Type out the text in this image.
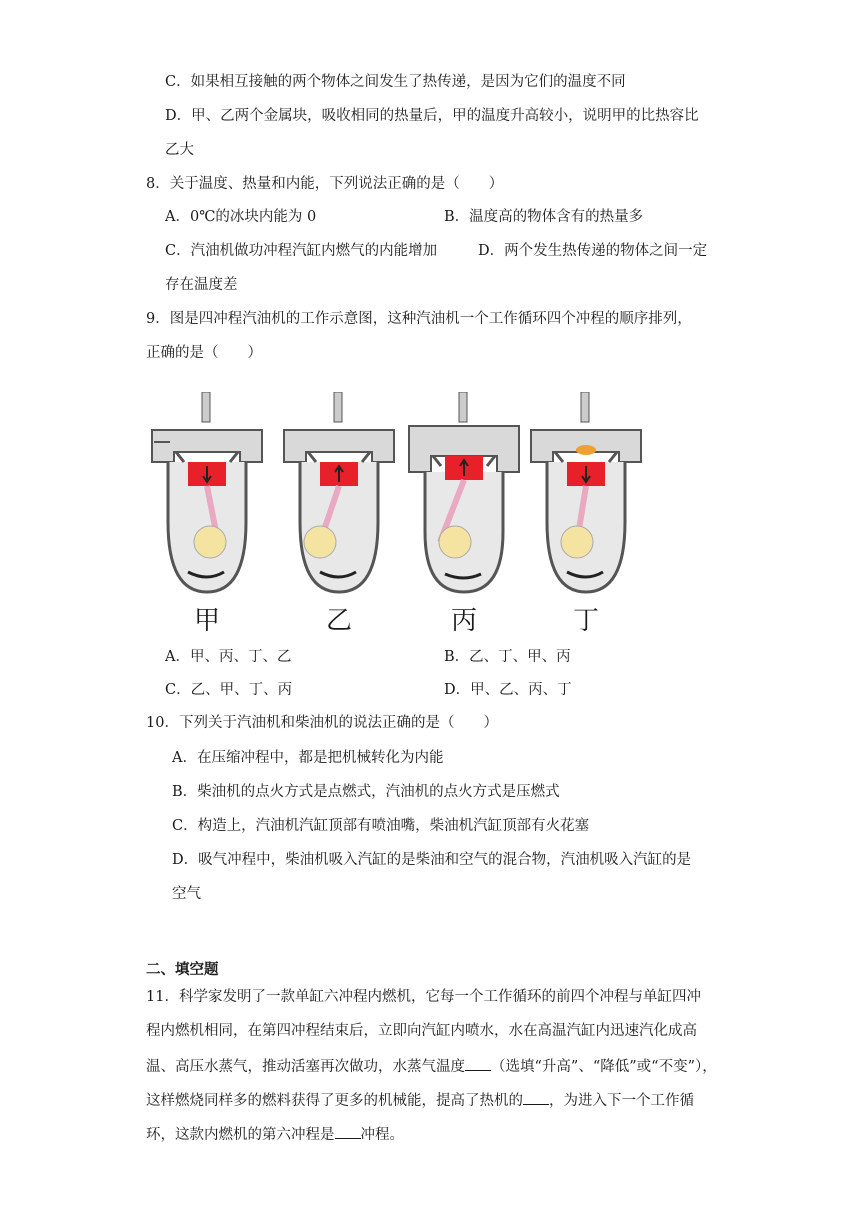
C．如果相互接触的两个物体之间发生了热传递，是因为它们的温度不同
D．甲、乙两个金属块，吸收相同的热量后，甲的温度升高较小，说明甲的比热容比
乙大
8．关于温度、热量和内能，下列说法正确的是（　　）
A．0℃的冰块内能为 0	B．温度高的物体含有的热量多
C．汽油机做功冲程汽缸内燃气的内能增加	D．两个发生热传递的物体之间一定
存在温度差
9．图是四冲程汽油机的工作示意图，这种汽油机一个工作循环四个冲程的顺序排列，
正确的是（　　）
甲	乙	丙	丁
A．甲、丙、丁、乙	B．乙、丁、甲、丙
C．乙、甲、丁、丙	D．甲、乙、丙、丁
10．下列关于汽油机和柴油机的说法正确的是（　　）
A．在压缩冲程中，都是把机械转化为内能
B．柴油机的点火方式是点燃式，汽油机的点火方式是压燃式
C．构造上，汽油机汽缸顶部有喷油嘴，柴油机汽缸顶部有火花塞
D．吸气冲程中，柴油机吸入汽缸的是柴油和空气的混合物，汽油机吸入汽缸的是
空气
二、填空题
11．科学家发明了一款单缸六冲程内燃机，它每一个工作循环的前四个冲程与单缸四冲
程内燃机相同，在第四冲程结束后，立即向汽缸内喷水，水在高温汽缸内迅速汽化成高
温、高压水蒸气，推动活塞再次做功，水蒸气温度 （选填“升高”、“降低”或“不变”），
这样燃烧同样多的燃料获得了更多的机械能，提高了热机的 ，为进入下一个工作循
环，这款内燃机的第六冲程是 冲程。
